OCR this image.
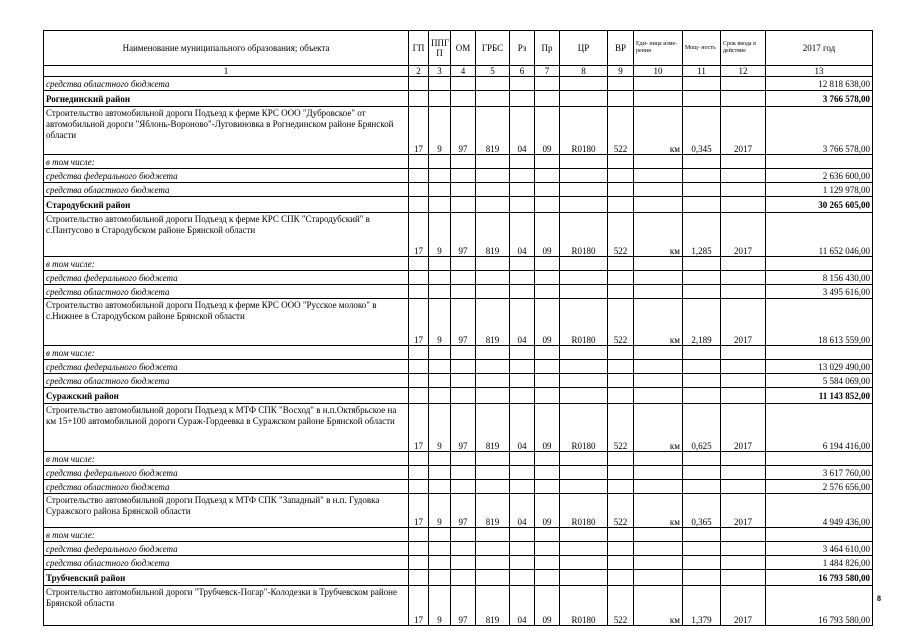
Наименование муниципального образования; объекта	ГП	ППГ П	ОМ	ГРБС	Рз	Пр	ЦР	ВР	Еди- ница изме- рения	Мощ- ность	Срок ввода в действие	2017 год
1	2	3	4	5	6	7	8	9	10	11	12	13
средства областного бюджета												12 818 638,00
Рогнединский район												3 766 578,00
Строительство автомобильной дороги Подъезд к ферме КРС ООО "Дубровское" от автомобильной дороги "Яблонь-Вороново"-Луговиновка в Рогнединском районе Брянской области	17	9	97	819	04	09	R0180	522	км	0,345	2017	3 766 578,00
в том числе:												
средства федерального бюджета												2 636 600,00
средства областного бюджета												1 129 978,00
Стародубский район												30 265 605,00
Строительство автомобильной дороги Подъезд к ферме КРС СПК "Стародубский" в с.Пантусово в Стародубском районе Брянской области	17	9	97	819	04	09	R0180	522	км	1,285	2017	11 652 046,00
в том числе:												
средства федерального бюджета												8 156 430,00
средства областного бюджета												3 495 616,00
Строительство автомобильной дороги Подъезд к ферме КРС ООО "Русское молоко" в с.Нижнее в Стародубском районе Брянской области	17	9	97	819	04	09	R0180	522	км	2,189	2017	18 613 559,00
в том числе:												
средства федерального бюджета												13 029 490,00
средства областного бюджета												5 584 069,00
Суражский район												11 143 852,00
Строительство автомобильной дороги Подъезд к МТФ СПК "Восход" в н.п.Октябрьское на км 15+100 автомобильной дороги Сураж-Гордеевка в Суражском районе Брянской области	17	9	97	819	04	09	R0180	522	км	0,625	2017	6 194 416,00
в том числе:												
средства федерального бюджета												3 617 760,00
средства областного бюджета												2 576 656,00
Строительство автомобильной дороги Подъезд к МТФ СПК "Западный" в н.п. Гудовка Суражского района Брянской области	17	9	97	819	04	09	R0180	522	км	0,365	2017	4 949 436,00
в том числе:												
средства федерального бюджета												3 464 610,00
средства областного бюджета												1 484 826,00
Трубчевский район												16 793 580,00
Строительство автомобильной дороги "Трубчевск-Погар"-Колодезки в Трубчевском районе Брянской области	17	9	97	819	04	09	R0180	522	км	1,379	2017	16 793 580,00
8
